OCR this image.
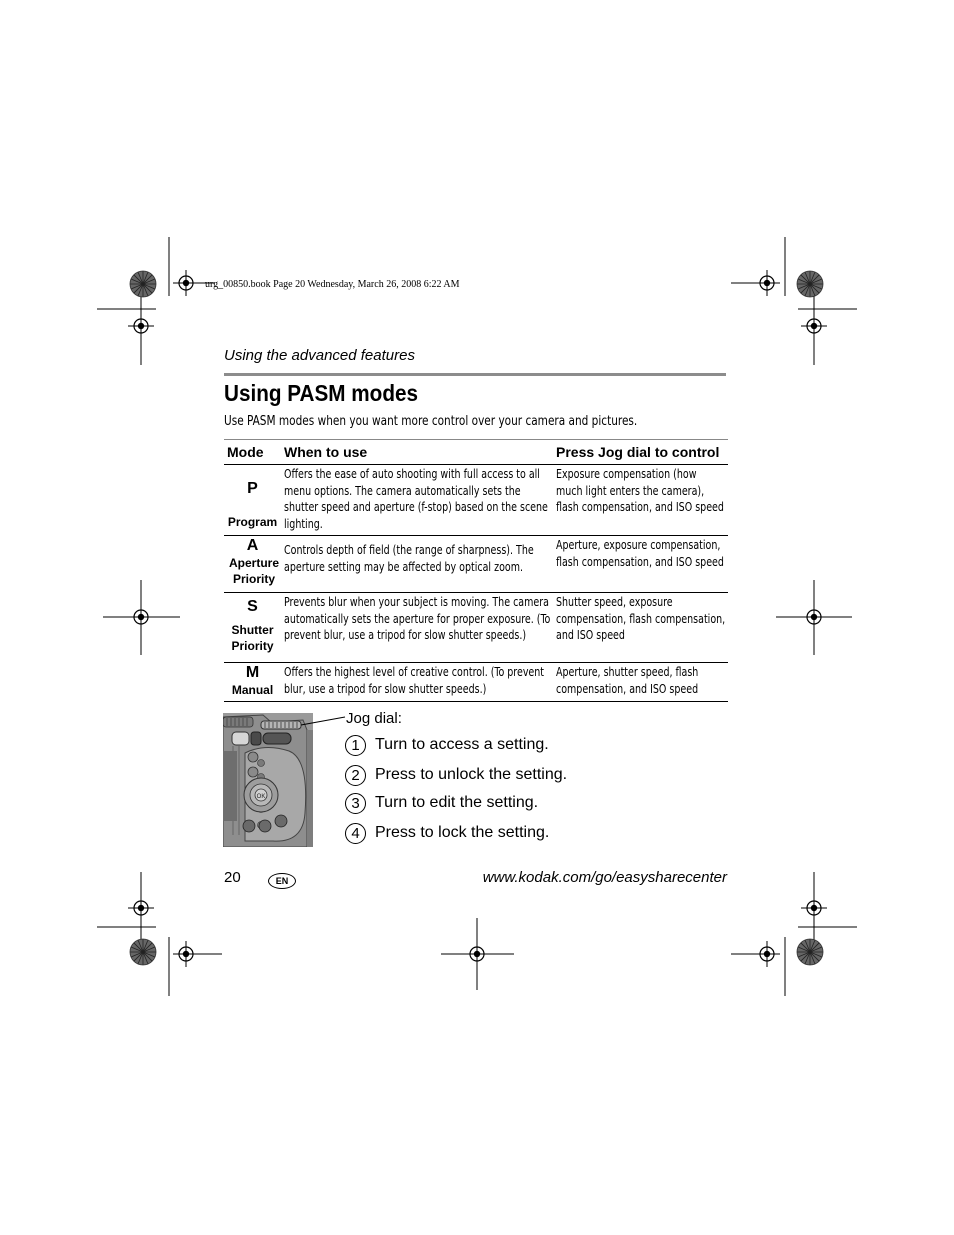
urg_00850.book Page 20 Wednesday, March 26, 2008 6:22 AM
Using the advanced features
Using PASM modes
Use PASM modes when you want more control over your camera and pictures.
Mode	When to use	Press Jog dial to control

P
Program	Offers the ease of auto shooting with full access to all menu options. The camera automatically sets the shutter speed and aperture (f-stop) based on the scene lighting.	Exposure compensation (how much light enters the camera), flash compensation, and ISO speed

A
Aperture Priority	Controls depth of field (the range of sharpness). The aperture setting may be affected by optical zoom.	Aperture, exposure compensation, flash compensation, and ISO speed

S
Shutter Priority	Prevents blur when your subject is moving. The camera automatically sets the aperture for proper exposure. (To prevent blur, use a tripod for slow shutter speeds.)	Shutter speed, exposure compensation, flash compensation, and ISO speed

M
Manual	Offers the highest level of creative control. (To prevent blur, use a tripod for slow shutter speeds.)	Aperture, shutter speed, flash compensation, and ISO speed
OK
Jog dial:
1 Turn to access a setting.
2 Press to unlock the setting.
3 Turn to edit the setting.
4 Press to lock the setting.
20	EN	www.kodak.com/go/easysharecenter
